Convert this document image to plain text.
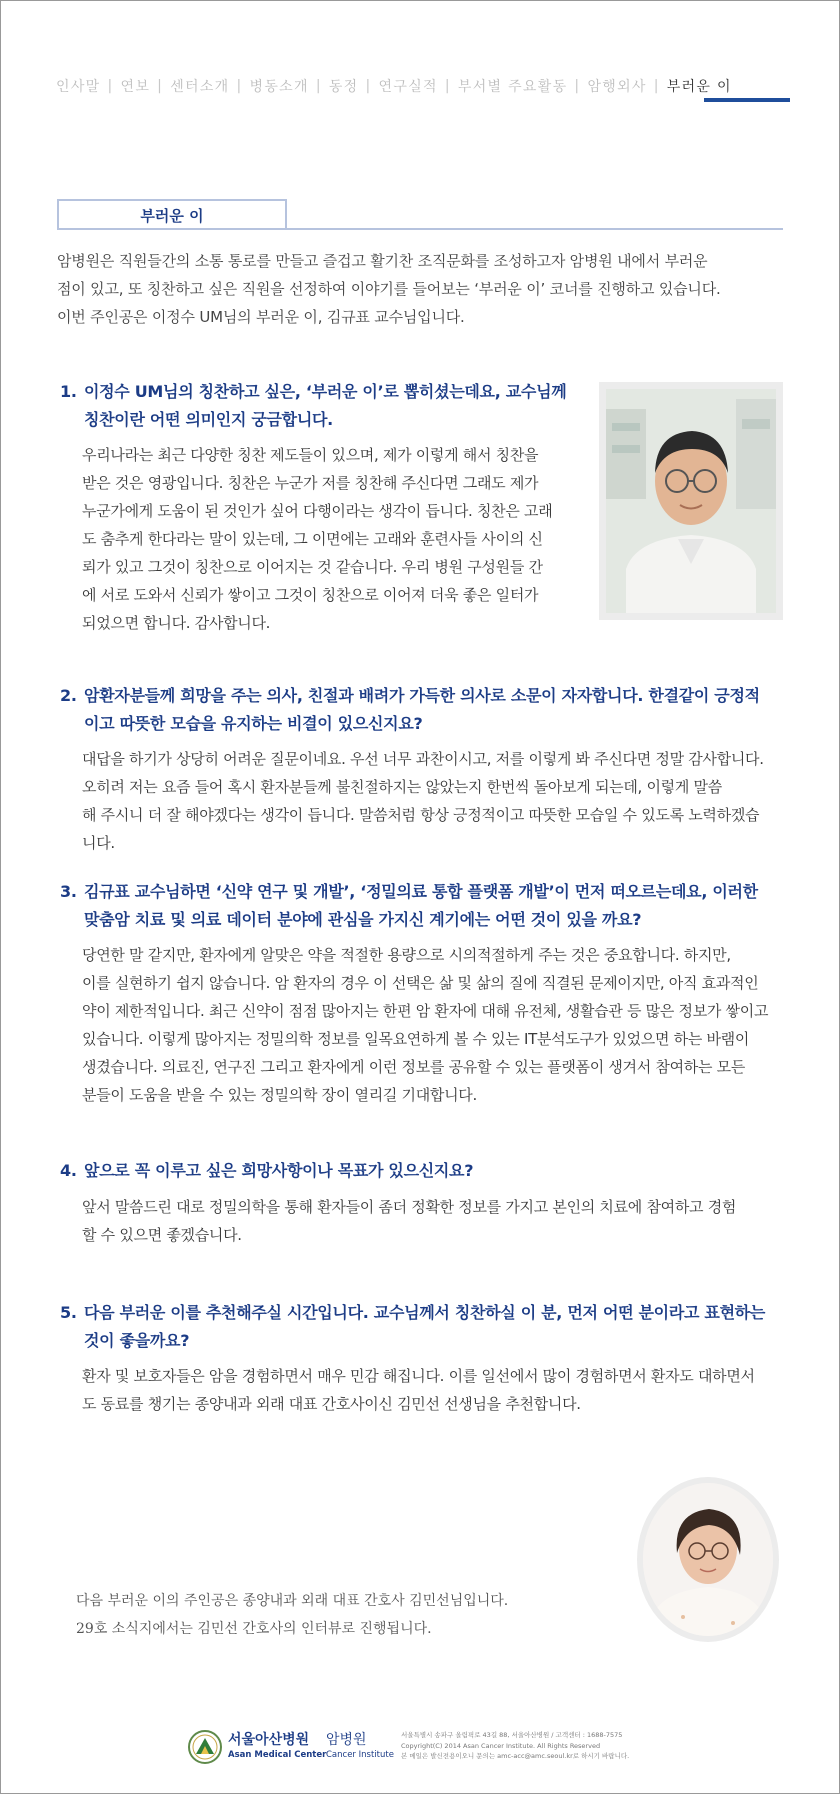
인사말 | 연보 | 센터소개 | 병동소개 | 동정 | 연구실적 | 부서별 주요활동 | 암행외사 | 부러운 이
부러운 이

암병원은 직원들간의 소통 통로를 만들고 즐겁고 활기찬 조직문화를 조성하고자 암병원 내에서 부러운

점이 있고, 또 칭찬하고 싶은 직원을 선정하여 이야기를 들어보는 ‘부러운 이’ 코너를 진행하고 있습니다.

이번 주인공은 이정수 UM님의 부러운 이, 김규표 교수님입니다.

1. 이정수 UM님의 칭찬하고 싶은, ‘부러운 이’로 뽑히셨는데요, 교수님께
칭찬이란 어떤 의미인지 궁금합니다.

우리나라는 최근 다양한 칭찬 제도들이 있으며, 제가 이렇게 해서 칭찬을

받은 것은 영광입니다. 칭찬은 누군가 저를 칭찬해 주신다면 그래도 제가

누군가에게 도움이 된 것인가 싶어 다행이라는 생각이 듭니다. 칭찬은 고래

도 춤추게 한다라는 말이 있는데, 그 이면에는 고래와 훈련사들 사이의 신

뢰가 있고 그것이 칭찬으로 이어지는 것 같습니다. 우리 병원 구성원들 간

에 서로 도와서 신뢰가 쌓이고 그것이 칭찬으로 이어져 더욱 좋은 일터가

되었으면 합니다. 감사합니다.

2. 암환자분들께 희망을 주는 의사, 친절과 배려가 가득한 의사로 소문이 자자합니다. 한결같이 긍정적
이고 따뜻한 모습을 유지하는 비결이 있으신지요?

대답을 하기가 상당히 어려운 질문이네요. 우선 너무 과찬이시고, 저를 이렇게 봐 주신다면 정말 감사합니다.

오히려 저는 요즘 들어 혹시 환자분들께 불친절하지는 않았는지 한번씩 돌아보게 되는데, 이렇게 말씀

해 주시니 더 잘 해야겠다는 생각이 듭니다. 말씀처럼 항상 긍정적이고 따뜻한 모습일 수 있도록 노력하겠습

니다.

3. 김규표 교수님하면 ‘신약 연구 및 개발’, ‘정밀의료 통합 플랫폼 개발’이 먼저 떠오르는데요, 이러한
맞춤암 치료 및 의료 데이터 분야에 관심을 가지신 계기에는 어떤 것이 있을 까요?

당연한 말 같지만, 환자에게 알맞은 약을 적절한 용량으로 시의적절하게 주는 것은 중요합니다. 하지만,

이를 실현하기 쉽지 않습니다. 암 환자의 경우 이 선택은 삶 및 삶의 질에 직결된 문제이지만, 아직 효과적인

약이 제한적입니다. 최근 신약이 점점 많아지는 한편 암 환자에 대해 유전체, 생활습관 등 많은 정보가 쌓이고

있습니다. 이렇게 많아지는 정밀의학 정보를 일목요연하게 볼 수 있는 IT분석도구가 있었으면 하는 바램이

생겼습니다. 의료진, 연구진 그리고 환자에게 이런 정보를 공유할 수 있는 플랫폼이 생겨서 참여하는 모든

분들이 도움을 받을 수 있는 정밀의학 장이 열리길 기대합니다.

4. 앞으로 꼭 이루고 싶은 희망사항이나 목표가 있으신지요?

앞서 말씀드린 대로 정밀의학을 통해 환자들이 좀더 정확한 정보를 가지고 본인의 치료에 참여하고 경험

할 수 있으면 좋겠습니다.

5. 다음 부러운 이를 추천해주실 시간입니다. 교수님께서 칭찬하실 이 분, 먼저 어떤 분이라고 표현하는
것이 좋을까요?

환자 및 보호자들은 암을 경험하면서 매우 민감 해집니다. 이를 일선에서 많이 경험하면서 환자도 대하면서

도 동료를 챙기는 종양내과 외래 대표 간호사이신 김민선 선생님을 추천합니다.

다음 부러운 이의 주인공은 종양내과 외래 대표 간호사 김민선님입니다.

29호 소식지에서는 김민선 간호사의 인터뷰로 진행됩니다.

서울아산병원
Asan Medical Center
암병원
Cancer Institute

서울특별시 송파구 올림픽로 43길 88, 서울아산병원 / 고객센터 : 1688-7575

Copyright(C) 2014 Asan Cancer Institute. All Rights Reserved

본 메일은 발신전용이오니 문의는 amc-acc@amc.seoul.kr로 하시기 바랍니다.
